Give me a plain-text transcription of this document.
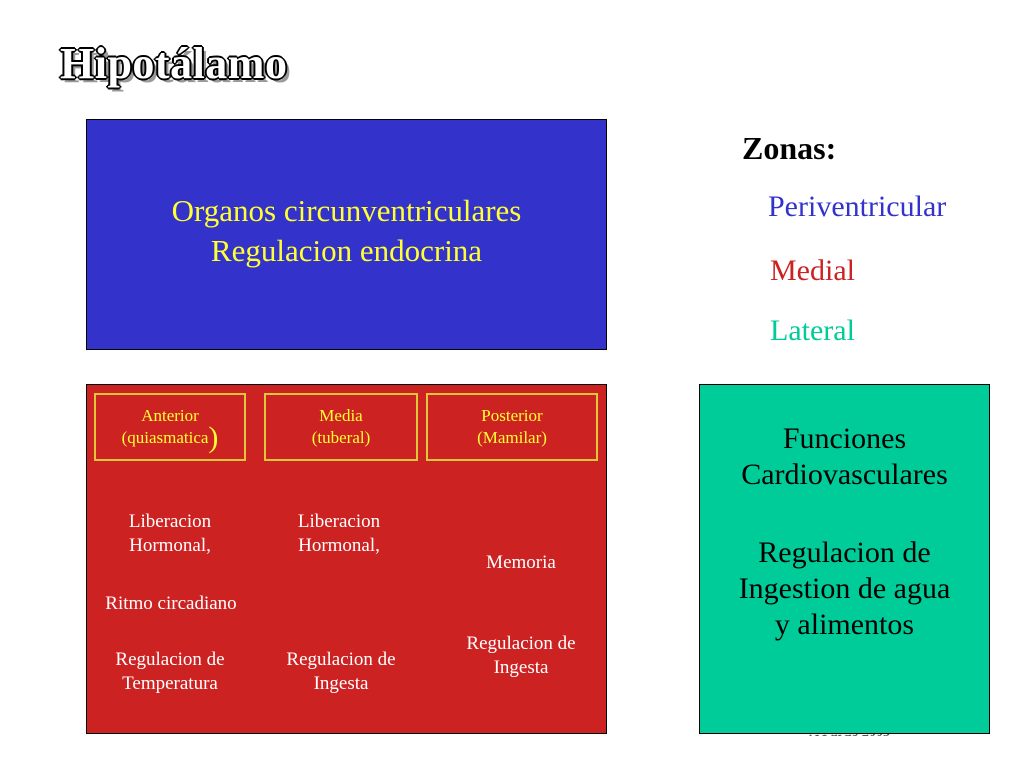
Hipotálamo
Organos circunventriculares
Regulacion endocrina
Zonas:
Periventricular
Medial
Lateral
Anterior
(quiasmatica)
Media
(tuberal)
Posterior
(Mamilar)
Liberacion
Hormonal,
Ritmo circadiano
Regulacion de
Temperatura
Liberacion
Hormonal,
Regulacion de
Ingesta
Memoria
Regulacion de
Ingesta
Funciones
Cardiovasculares
Regulacion de
Ingestion de agua
y alimentos
